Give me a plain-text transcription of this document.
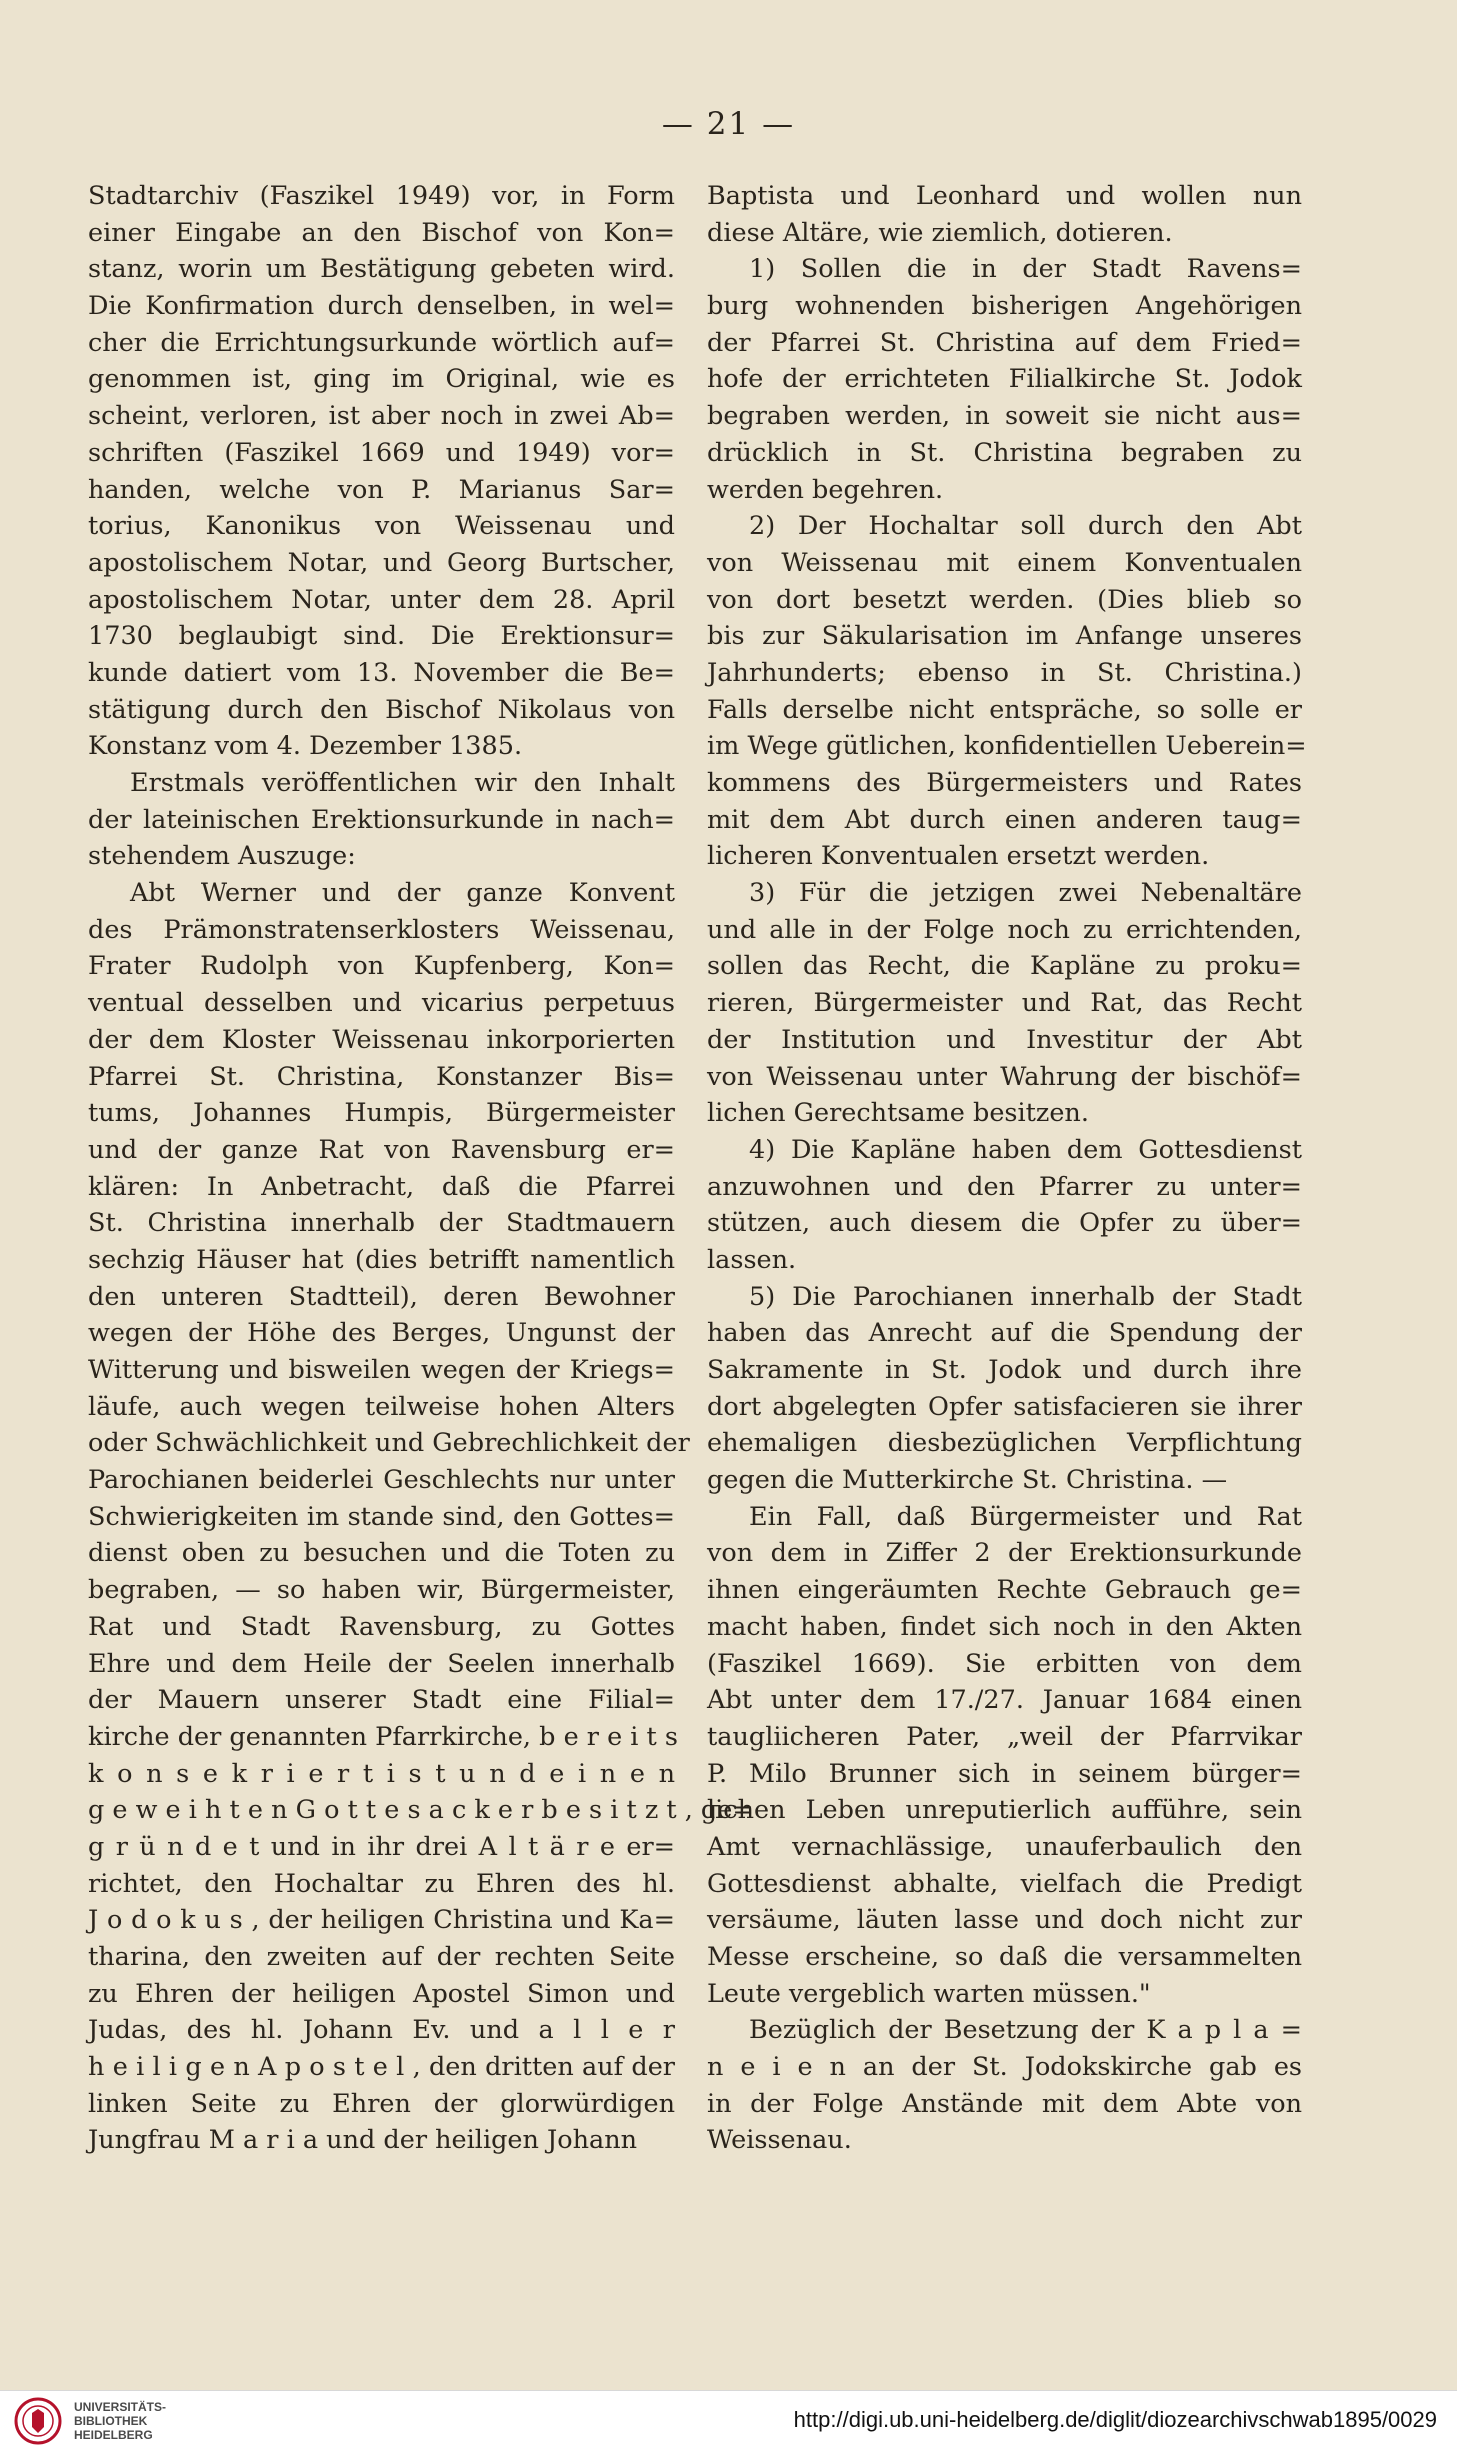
— 21 —
Stadtarchiv (Faszikel 1949) vor, in Form
einer Eingabe an den Bischof von Kon=
stanz, worin um Bestätigung gebeten wird.
Die Konfirmation durch denselben, in wel=
cher die Errichtungsurkunde wörtlich auf=
genommen ist, ging im Original, wie es
scheint, verloren, ist aber noch in zwei Ab=
schriften (Faszikel 1669 und 1949) vor=
handen, welche von P. Marianus Sar=
torius, Kanonikus von Weissenau und
apostolischem Notar, und Georg Burtscher,
apostolischem Notar, unter dem 28. April
1730 beglaubigt sind. Die Erektionsur=
kunde datiert vom 13. November die Be=
stätigung durch den Bischof Nikolaus von
Konstanz vom 4. Dezember 1385.
Erstmals veröffentlichen wir den Inhalt
der lateinischen Erektionsurkunde in nach=
stehendem Auszuge:
Abt Werner und der ganze Konvent
des Prämonstratenserklosters Weissenau,
Frater Rudolph von Kupfenberg, Kon=
ventual desselben und vicarius perpetuus
der dem Kloster Weissenau inkorporierten
Pfarrei St. Christina, Konstanzer Bis=
tums, Johannes Humpis, Bürgermeister
und der ganze Rat von Ravensburg er=
klären: In Anbetracht, daß die Pfarrei
St. Christina innerhalb der Stadtmauern
sechzig Häuser hat (dies betrifft namentlich
den unteren Stadtteil), deren Bewohner
wegen der Höhe des Berges, Ungunst der
Witterung und bisweilen wegen der Kriegs=
läufe, auch wegen teilweise hohen Alters
oder Schwächlichkeit und Gebrechlichkeit der
Parochianen beiderlei Geschlechts nur unter
Schwierigkeiten im stande sind, den Gottes=
dienst oben zu besuchen und die Toten zu
begraben, — so haben wir, Bürgermeister,
Rat und Stadt Ravensburg, zu Gottes
Ehre und dem Heile der Seelen innerhalb
der Mauern unserer Stadt eine Filial=
kirche der genannten Pfarrkirche, b e r e i t s
k o n s e k r i e r t i s t u n d e i n e n
g e w e i h t e n G o t t e s a c k e r b e s i t z t , ge=
g r ü n d e t und in ihr drei A l t ä r e er=
richtet, den Hochaltar zu Ehren des hl.
J o d o k u s , der heiligen Christina und Ka=
tharina, den zweiten auf der rechten Seite
zu Ehren der heiligen Apostel Simon und
Judas, des hl. Johann Ev. und a l l e r
h e i l i g e n A p o s t e l , den dritten auf der
linken Seite zu Ehren der glorwürdigen
Jungfrau M a r i a und der heiligen Johann
Baptista und Leonhard und wollen nun
diese Altäre, wie ziemlich, dotieren.
1) Sollen die in der Stadt Ravens=
burg wohnenden bisherigen Angehörigen
der Pfarrei St. Christina auf dem Fried=
hofe der errichteten Filialkirche St. Jodok
begraben werden, in soweit sie nicht aus=
drücklich in St. Christina begraben zu
werden begehren.
2) Der Hochaltar soll durch den Abt
von Weissenau mit einem Konventualen
von dort besetzt werden. (Dies blieb so
bis zur Säkularisation im Anfange unseres
Jahrhunderts; ebenso in St. Christina.)
Falls derselbe nicht entspräche, so solle er
im Wege gütlichen, konfidentiellen Ueberein=
kommens des Bürgermeisters und Rates
mit dem Abt durch einen anderen taug=
licheren Konventualen ersetzt werden.
3) Für die jetzigen zwei Nebenaltäre
und alle in der Folge noch zu errichtenden,
sollen das Recht, die Kapläne zu proku=
rieren, Bürgermeister und Rat, das Recht
der Institution und Investitur der Abt
von Weissenau unter Wahrung der bischöf=
lichen Gerechtsame besitzen.
4) Die Kapläne haben dem Gottesdienst
anzuwohnen und den Pfarrer zu unter=
stützen, auch diesem die Opfer zu über=
lassen.
5) Die Parochianen innerhalb der Stadt
haben das Anrecht auf die Spendung der
Sakramente in St. Jodok und durch ihre
dort abgelegten Opfer satisfacieren sie ihrer
ehemaligen diesbezüglichen Verpflichtung
gegen die Mutterkirche St. Christina. —
Ein Fall, daß Bürgermeister und Rat
von dem in Ziffer 2 der Erektionsurkunde
ihnen eingeräumten Rechte Gebrauch ge=
macht haben, findet sich noch in den Akten
(Faszikel 1669). Sie erbitten von dem
Abt unter dem 17./27. Januar 1684 einen
taugliicheren Pater, „weil der Pfarrvikar
P. Milo Brunner sich in seinem bürger=
lichen Leben unreputierlich aufführe, sein
Amt vernachlässige, unauferbaulich den
Gottesdienst abhalte, vielfach die Predigt
versäume, läuten lasse und doch nicht zur
Messe erscheine, so daß die versammelten
Leute vergeblich warten müssen."
Bezüglich der Besetzung der K a p l a =
n e i e n an der St. Jodokskirche gab es
in der Folge Anstände mit dem Abte von
Weissenau.
UNIVERSITÄTS-
BIBLIOTHEK
HEIDELBERG
http://digi.ub.uni-heidelberg.de/diglit/diozearchivschwab1895/0029
